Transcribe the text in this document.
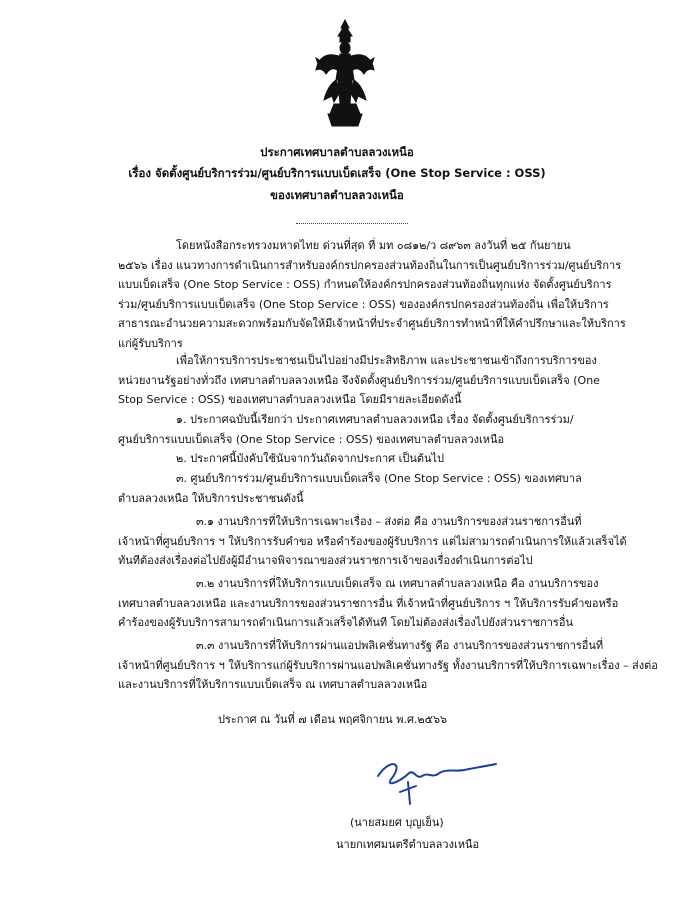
ประกาศเทศบาลตำบลลวงเหนือ
เรื่อง จัดตั้งศูนย์บริการร่วม/ศูนย์บริการแบบเบ็ดเสร็จ (One Stop Service : OSS)
ของเทศบาลตำบลลวงเหนือ
โดยหนังสือกระทรวงมหาดไทย ด่วนที่สุด ที่ มท ๐๘๑๒/ว ๘๙๖๓ ลงวันที่ ๒๕ กันยายน
๒๕๖๖ เรื่อง แนวทางการดำเนินการสำหรับองค์กรปกครองส่วนท้องถิ่นในการเป็นศูนย์บริการร่วม/ศูนย์บริการ
แบบเบ็ดเสร็จ (One Stop Service : OSS) กำหนดให้องค์กรปกครองส่วนท้องถิ่นทุกแห่ง จัดตั้งศูนย์บริการ
ร่วม/ศูนย์บริการแบบเบ็ดเสร็จ (One Stop Service : OSS) ขององค์กรปกครองส่วนท้องถิ่น เพื่อให้บริการ
สาธารณะอำนวยความสะดวกพร้อมกับจัดให้มีเจ้าหน้าที่ประจำศูนย์บริการทำหน้าที่ให้คำปรึกษาและให้บริการ
แก่ผู้รับบริการ
เพื่อให้การบริการประชาชนเป็นไปอย่างมีประสิทธิภาพ และประชาชนเข้าถึงการบริการของ
หน่วยงานรัฐอย่างทั่วถึง เทศบาลตำบลลวงเหนือ จึงจัดตั้งศูนย์บริการร่วม/ศูนย์บริการแบบเบ็ดเสร็จ (One
Stop Service : OSS) ของเทศบาลตำบลลวงเหนือ โดยมีรายละเอียดดังนี้
๑. ประกาศฉบับนี้เรียกว่า ประกาศเทศบาลตำบลลวงเหนือ เรื่อง จัดตั้งศูนย์บริการร่วม/
ศูนย์บริการแบบเบ็ดเสร็จ (One Stop Service : OSS) ของเทศบาลตำบลลวงเหนือ
๒. ประกาศนี้บังคับใช้นับจากวันถัดจากประกาศ เป็นต้นไป
๓. ศูนย์บริการร่วม/ศูนย์บริการแบบเบ็ดเสร็จ (One Stop Service : OSS) ของเทศบาล
ตำบลลวงเหนือ ให้บริการประชาชนดังนี้
๓.๑ งานบริการที่ให้บริการเฉพาะเรื่อง – ส่งต่อ คือ งานบริการของส่วนราชการอื่นที่
เจ้าหน้าที่ศูนย์บริการ ฯ ให้บริการรับคำขอ หรือคำร้องของผู้รับบริการ แต่ไม่สามารถดำเนินการให้แล้วเสร็จได้
ทันทีต้องส่งเรื่องต่อไปยังผู้มีอำนาจพิจารณาของส่วนราชการเจ้าของเรื่องดำเนินการต่อไป
๓.๒ งานบริการที่ให้บริการแบบเบ็ดเสร็จ ณ เทศบาลตำบลลวงเหนือ คือ งานบริการของ
เทศบาลตำบลลวงเหนือ และงานบริการของส่วนราชการอื่น ที่เจ้าหน้าที่ศูนย์บริการ ฯ ให้บริการรับคำขอหรือ
คำร้องของผู้รับบริการสามารถดำเนินการแล้วเสร็จได้ทันที โดยไม่ต้องส่งเรื่องไปยังส่วนราชการอื่น
๓.๓ งานบริการที่ให้บริการผ่านแอปพลิเคชั่นทางรัฐ คือ งานบริการของส่วนราชการอื่นที่
เจ้าหน้าที่ศูนย์บริการ ฯ ให้บริการแก่ผู้รับบริการผ่านแอปพลิเคชั่นทางรัฐ ทั้งงานบริการที่ให้บริการเฉพาะเรื่อง – ส่งต่อ
และงานบริการที่ให้บริการแบบเบ็ดเสร็จ ณ เทศบาลตำบลลวงเหนือ
ประกาศ ณ วันที่ ๗ เดือน พฤศจิกายน พ.ศ.๒๕๖๖
(นายสมยศ บุญเย็น)
นายกเทศมนตรีตำบลลวงเหนือ
